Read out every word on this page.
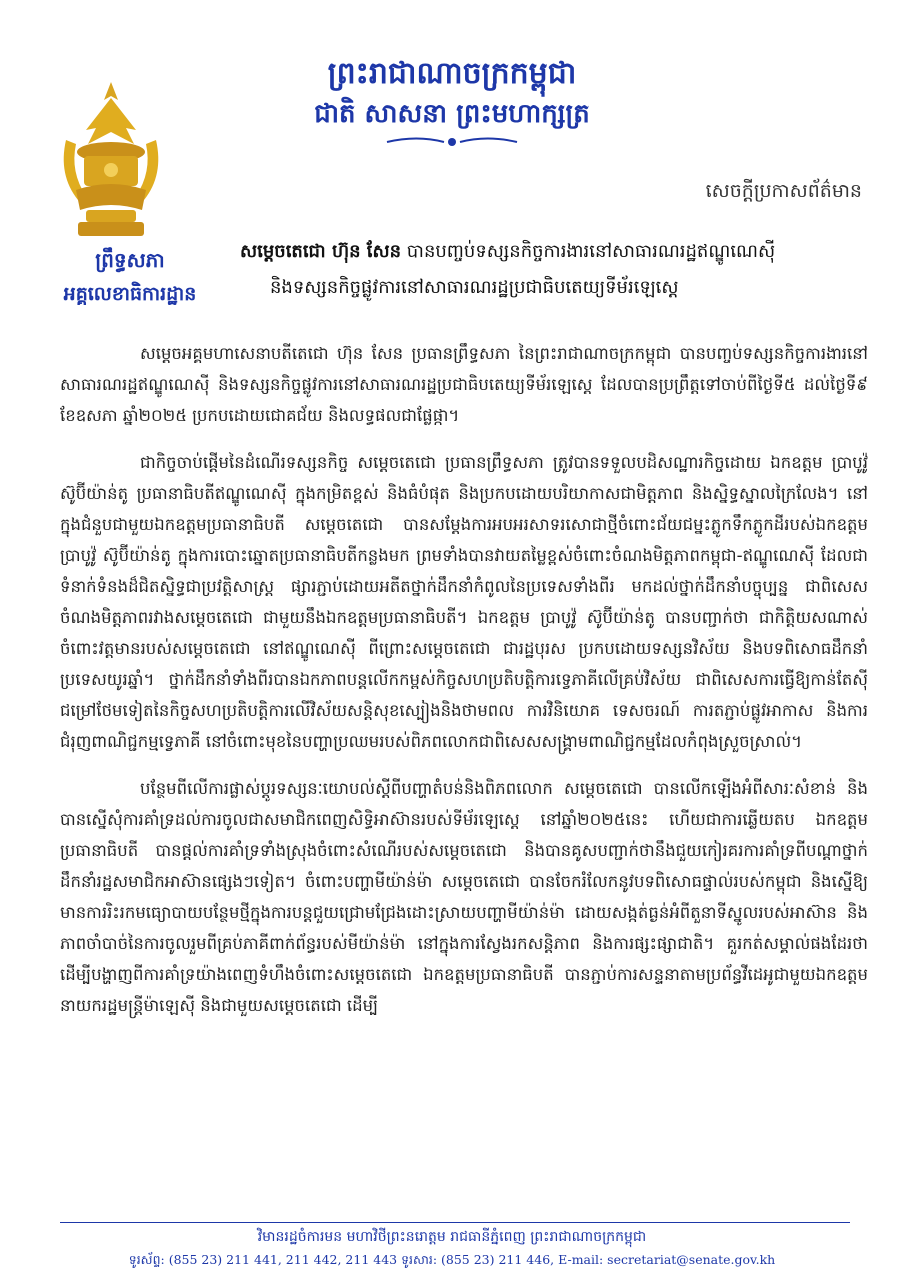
ព្រះរាជាណាចក្រកម្ពុជា
ជាតិ សាសនា ព្រះមហាក្សត្រ
ព្រឹទ្ធសភា
អគ្គលេខាធិការដ្ឋាន
សេចក្តីប្រកាសព័ត៌មាន
សម្តេចតេជោ ហ៊ុន សែន បានបញ្ចប់ទស្សនកិច្ចការងារនៅសាធារណរដ្ឋឥណ្ឌូណេស៊ី
និងទស្សនកិច្ចផ្លូវការនៅសាធារណរដ្ឋប្រជាធិបតេយ្យទីម័រឡេស្តេ

សម្តេចអគ្គមហាសេនាបតីតេជោ ហ៊ុន សែន ប្រធានព្រឹទ្ធសភា នៃព្រះរាជាណាចក្រកម្ពុជា បានបញ្ចប់ទស្សនកិច្ចការងារនៅសាធារណរដ្ឋឥណ្ឌូណេស៊ី និងទស្សនកិច្ចផ្លូវការនៅសាធារណរដ្ឋប្រជាធិបតេយ្យទីម័រឡេស្តេ ដែលបានប្រព្រឹត្តទៅចាប់ពីថ្ងៃទី៥ ដល់ថ្ងៃទី៩ ខែឧសភា ឆ្នាំ២០២៥ ប្រកបដោយជោគជ័យ និងលទ្ធផលជាផ្លែផ្កា។

ជាកិច្ចចាប់ផ្តើមនៃដំណើរទស្សនកិច្ច សម្តេចតេជោ ប្រធានព្រឹទ្ធសភា ត្រូវបានទទួលបដិសណ្ឋារកិច្ចដោយ ឯកឧត្តម ប្រាបូវ៉ូ ស៊ូប៊ីយ៉ាន់តូ ប្រធានាធិបតីឥណ្ឌូណេស៊ី ក្នុងកម្រិតខ្ពស់ និងធំបំផុត និងប្រកបដោយបរិយាកាសជាមិត្តភាព និងស្និទ្ធស្នាលក្រៃលែង។ នៅក្នុងជំនួបជាមួយឯកឧត្តមប្រធានាធិបតី សម្តេចតេជោ បានសម្តែងការអបអរសាទរសោជាថ្មីចំពោះជ័យជម្នះភ្លូកទឹកភ្លូកដីរបស់ឯកឧត្តម ប្រាបូវ៉ូ ស៊ូប៊ីយ៉ាន់តូ ក្នុងការបោះឆ្នោតប្រធានាធិបតីកន្លងមក ព្រមទាំងបានវាយតម្លៃខ្ពស់ចំពោះចំណងមិត្តភាពកម្ពុជា-ឥណ្ឌូណេស៊ី ដែលជាទំនាក់ទំនងដ៏ជិតស្និទ្ធជាប្រវត្តិសាស្ត្រ ផ្សារភ្ជាប់ដោយអតីតថ្នាក់ដឹកនាំកំពូលនៃប្រទេសទាំងពីរ មកដល់ថ្នាក់ដឹកនាំបច្ចុប្បន្ន ជាពិសេសចំណងមិត្តភាពរវាងសម្តេចតេជោ ជាមួយនឹងឯកឧត្តមប្រធានាធិបតី។ ឯកឧត្តម ប្រាបូវ៉ូ ស៊ូប៊ីយ៉ាន់តូ បានបញ្ជាក់ថា ជាកិត្តិយសណាស់ចំពោះវត្តមានរបស់សម្តេចតេជោ នៅឥណ្ឌូណេស៊ី ពីព្រោះសម្តេចតេជោ ជារដ្ឋបុរស ប្រកបដោយទស្សនវិស័យ និងបទពិសោធដឹកនាំប្រទេសយូរឆ្នាំ។ ថ្នាក់ដឹកនាំទាំងពីរបានឯកភាពបន្តលើកកម្ពស់កិច្ចសហប្រតិបត្តិការទ្វេភាគីលើគ្រប់វិស័យ ជាពិសេសការធ្វើឱ្យកាន់តែស៊ីជម្រៅថែមទៀតនៃកិច្ចសហប្រតិបត្តិការលើវិស័យសន្តិសុខស្បៀងនិងថាមពល ការវិនិយោគ ទេសចរណ៍ ការតភ្ជាប់ផ្លូវអាកាស និងការជំរុញពាណិជ្ជកម្មទ្វេភាគី នៅចំពោះមុខនៃបញ្ហាប្រឈមរបស់ពិភពលោកជាពិសេសសង្គ្រាមពាណិជ្ជកម្មដែលកំពុងស្រួចស្រាល់។

បន្ថែមពីលើការផ្លាស់ប្តូរទស្សនៈយោបល់ស្តីពីបញ្ហាតំបន់និងពិភពលោក សម្តេចតេជោ បានលើកឡើងអំពីសារៈសំខាន់ និងបានស្នើសុំការគាំទ្រដល់ការចូលជាសមាជិកពេញសិទ្ធិអាស៊ានរបស់ទីម័រឡេស្តេ នៅឆ្នាំ២០២៥នេះ ហើយជាការឆ្លើយតប ឯកឧត្តមប្រធានាធិបតី បានផ្តល់ការគាំទ្រទាំងស្រុងចំពោះសំណើរបស់សម្តេចតេជោ និងបានគូសបញ្ជាក់ថានឹងជួយកៀរគរការគាំទ្រពីបណ្តាថ្នាក់ដឹកនាំរដ្ឋសមាជិកអាស៊ានផ្សេងៗទៀត។ ចំពោះបញ្ហាមីយ៉ាន់ម៉ា សម្តេចតេជោ បានចែករំលែកនូវបទពិសោធផ្ទាល់របស់កម្ពុជា និងស្នើឱ្យមានការរិះរកមធ្យោបាយបន្ថែមថ្មីក្នុងការបន្តជួយជ្រោមជ្រែងដោះស្រាយបញ្ហាមីយ៉ាន់ម៉ា ដោយសង្កត់ធ្ងន់អំពីតួនាទីស្នូលរបស់អាស៊ាន និងភាពចាំបាច់នៃការចូលរួមពីគ្រប់ភាគីពាក់ព័ន្ធរបស់មីយ៉ាន់ម៉ា នៅក្នុងការស្វែងរកសន្តិភាព និងការផ្សះផ្សាជាតិ។ គួរកត់សម្គាល់ផងដែរថា ដើម្បីបង្ហាញពីការគាំទ្រយ៉ាងពេញទំហឹងចំពោះសម្តេចតេជោ ឯកឧត្តមប្រធានាធិបតី បានភ្ជាប់ការសន្ទនាតាមប្រព័ន្ធវីដេអូជាមួយឯកឧត្តមនាយករដ្ឋមន្ត្រីម៉ាឡេស៊ី និងជាមួយសម្តេចតេជោ ដើម្បី

វិមានរដ្ឋចំការមន មហាវិថីព្រះនរោត្តម រាជធានីភ្នំពេញ ព្រះរាជាណាចក្រកម្ពុជា
ទូរស័ព្ទ: (855 23) 211 441, 211 442, 211 443 ទូរសារ: (855 23) 211 446, E-mail: secretariat@senate.gov.kh
